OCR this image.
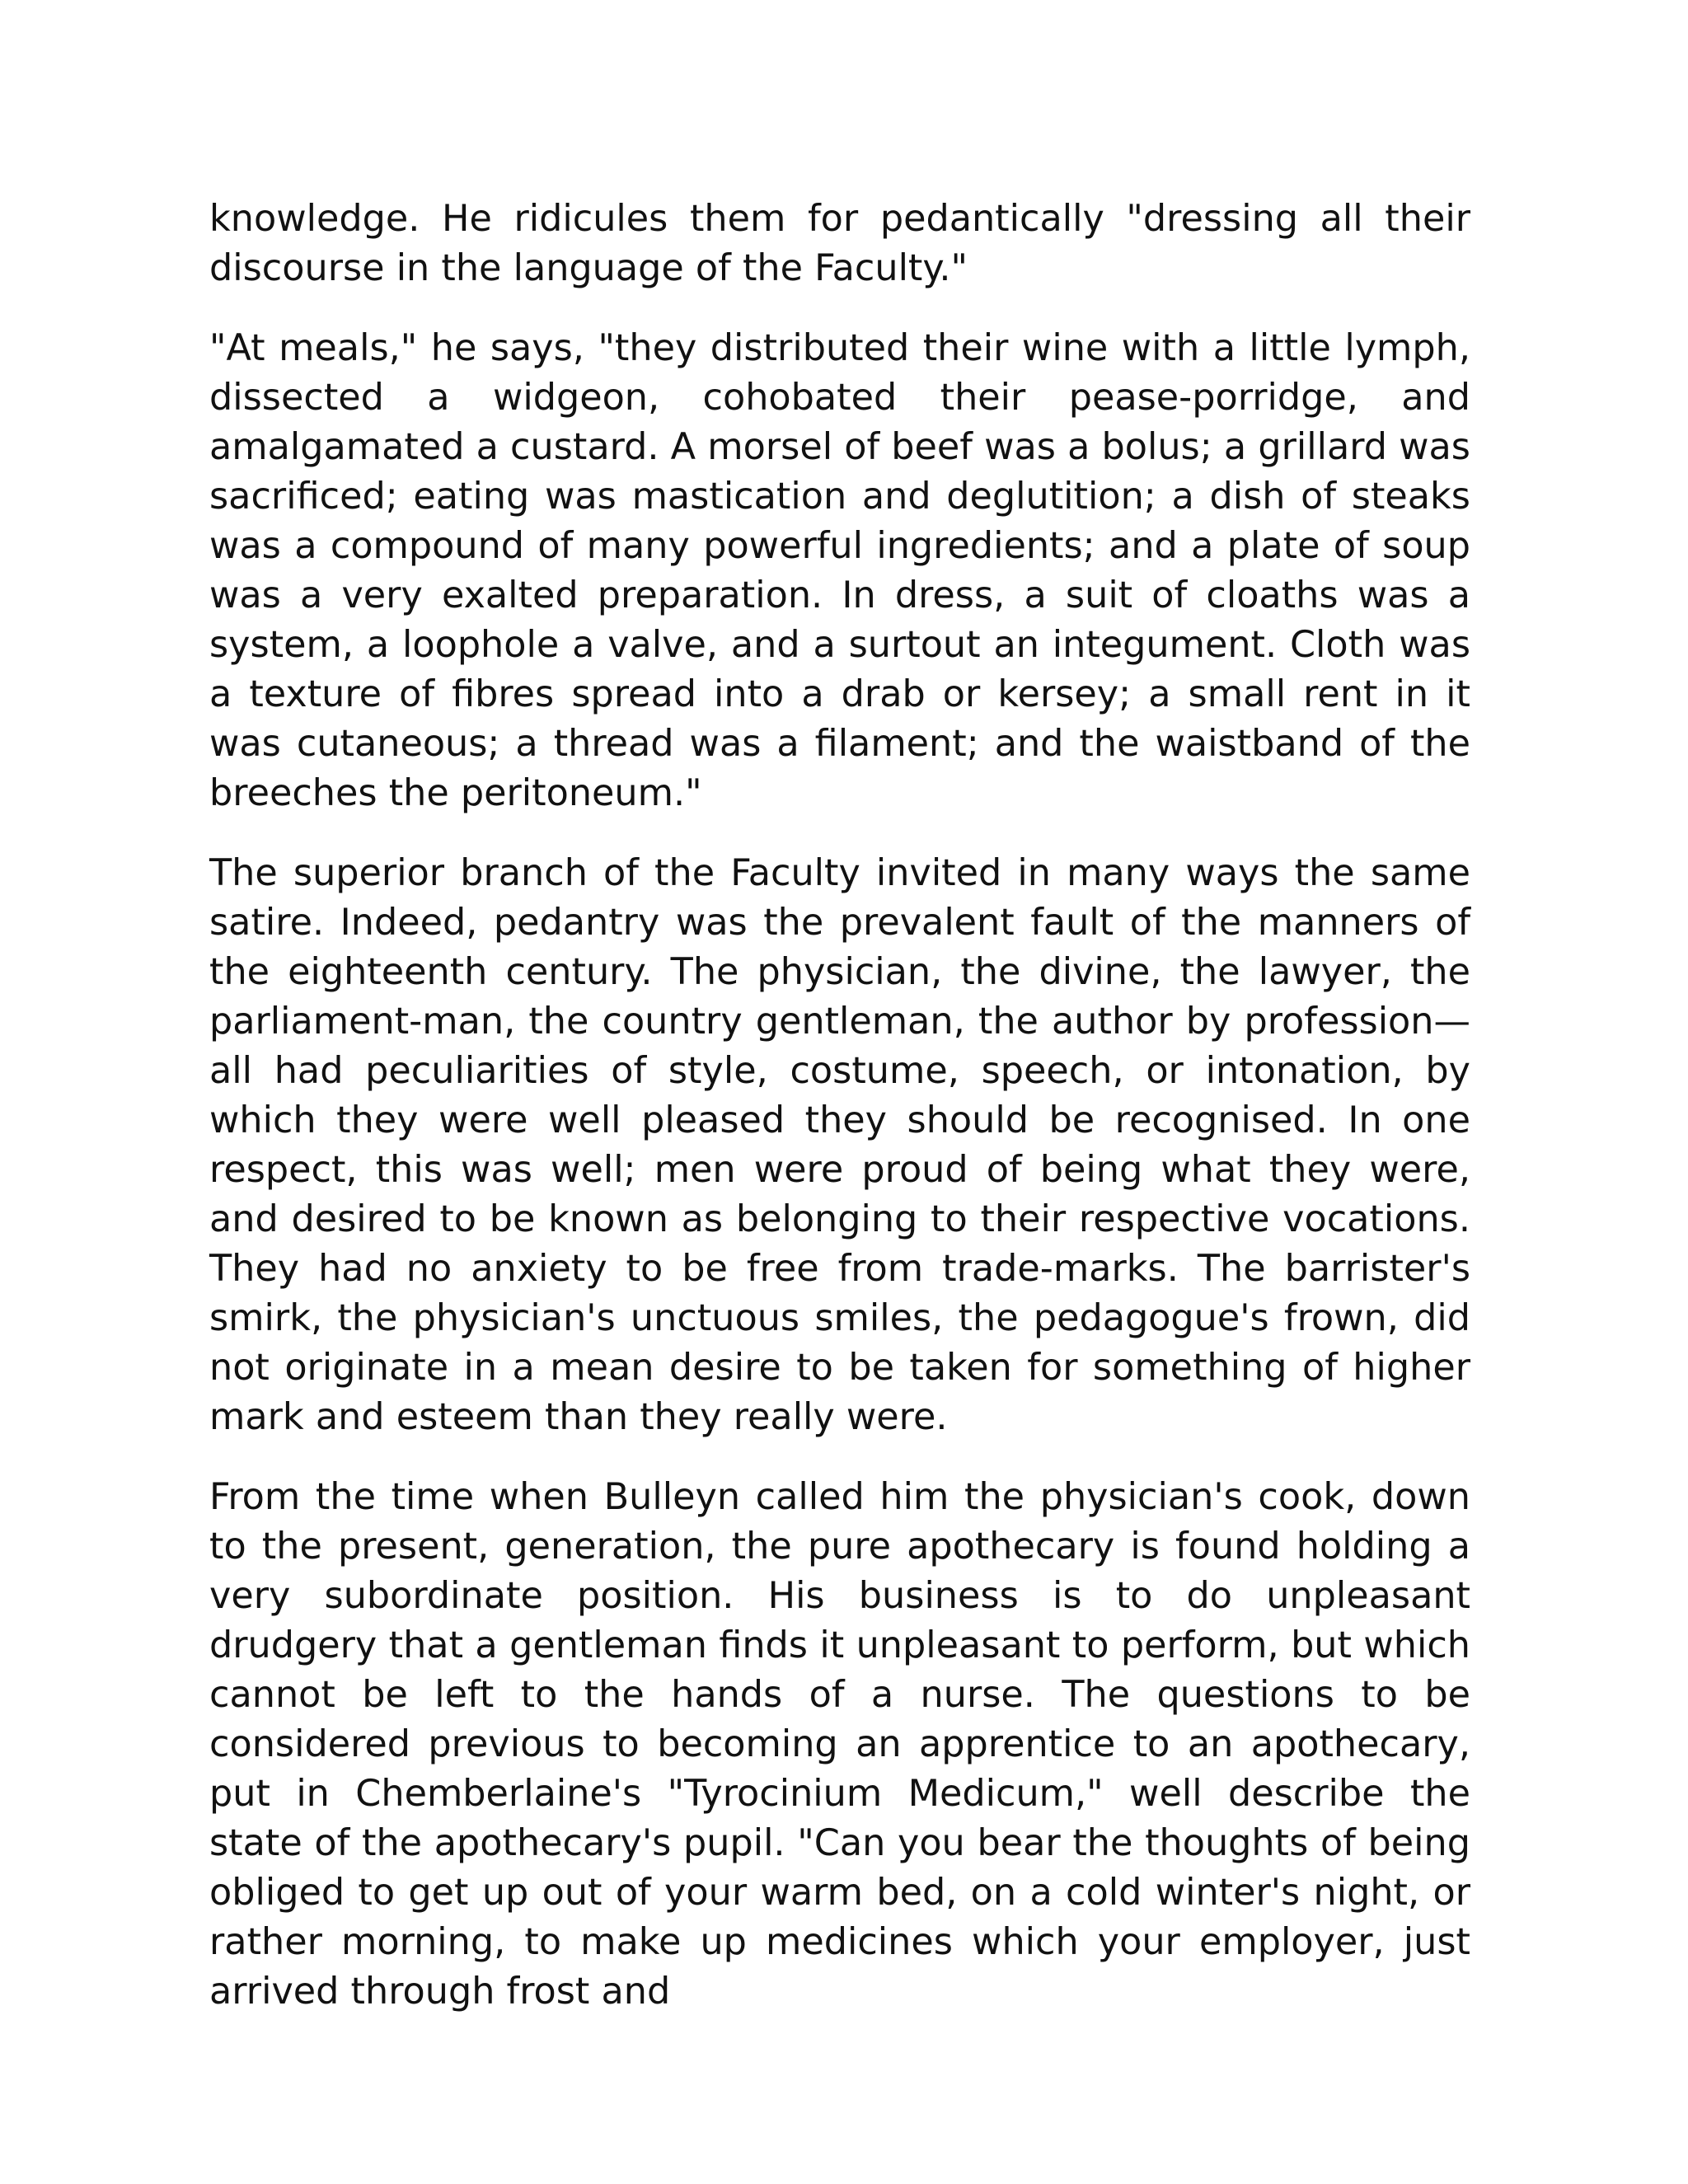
knowledge. He ridicules them for pedantically "dressing all their discourse in the language of the Faculty."

"At meals," he says, "they distributed their wine with a little lymph, dissected a widgeon, cohobated their pease-porridge, and amalgamated a custard. A morsel of beef was a bolus; a grillard was sacrificed; eating was mastication and deglutition; a dish of steaks was a compound of many powerful ingredients; and a plate of soup was a very exalted preparation. In dress, a suit of cloaths was a system, a loophole a valve, and a surtout an integument. Cloth was a texture of fibres spread into a drab or kersey; a small rent in it was cutaneous; a thread was a filament; and the waistband of the breeches the peritoneum."

The superior branch of the Faculty invited in many ways the same satire. Indeed, pedantry was the prevalent fault of the manners of the eighteenth century. The physician, the divine, the lawyer, the parliament-man, the country gentleman, the author by profession—all had peculiarities of style, costume, speech, or intonation, by which they were well pleased they should be recognised. In one respect, this was well; men were proud of being what they were, and desired to be known as belonging to their respective vocations. They had no anxiety to be free from trade-marks. The barrister's smirk, the physician's unctuous smiles, the pedagogue's frown, did not originate in a mean desire to be taken for something of higher mark and esteem than they really were.

From the time when Bulleyn called him the physician's cook, down to the present, generation, the pure apothecary is found holding a very subordinate position. His business is to do unpleasant drudgery that a gentleman finds it unpleasant to perform, but which cannot be left to the hands of a nurse. The questions to be considered previous to becoming an apprentice to an apothecary, put in Chemberlaine's "Tyrocinium Medicum," well describe the state of the apothecary's pupil. "Can you bear the thoughts of being obliged to get up out of your warm bed, on a cold winter's night, or rather morning, to make up medicines which your employer, just arrived through frost and
